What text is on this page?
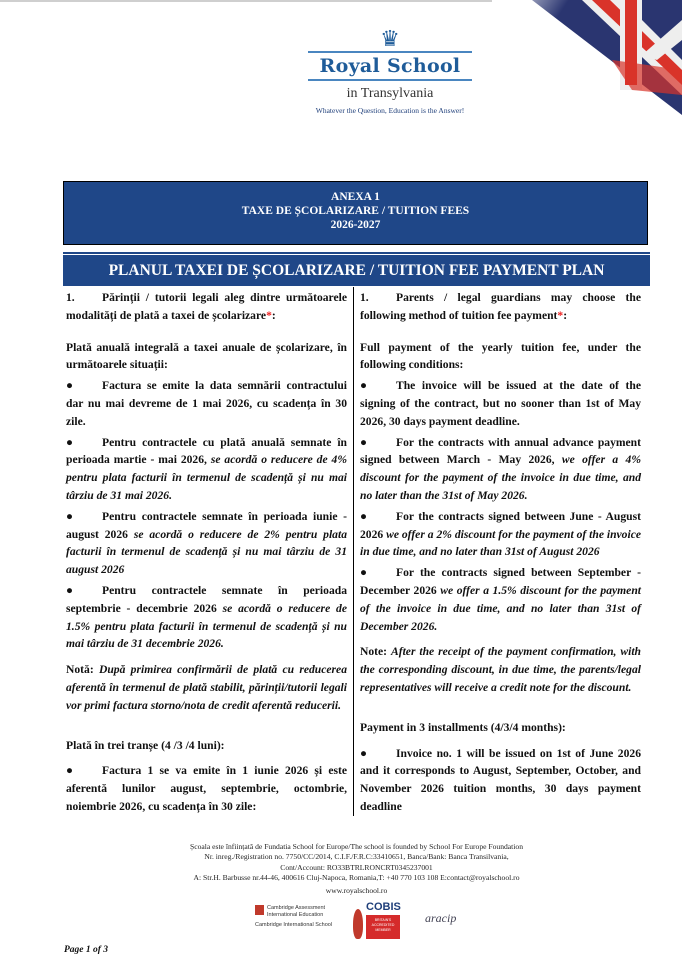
♛
Royal School
in Transylvania
Whatever the Question, Education is the Answer!
ANEXA 1
TAXE DE ȘCOLARIZARE / TUITION FEES
2026-2027
PLANUL TAXEI DE ȘCOLARIZARE / TUITION FEE PAYMENT PLAN

1. Părinții / tutorii legali aleg dintre următoarele modalități de plată a taxei de școlarizare*:

Plată anuală integrală a taxei anuale de școlarizare, în următoarele situații:

● Factura se emite la data semnării contractului dar nu mai devreme de 1 mai 2026, cu scadența în 30 zile.

● Pentru contractele cu plată anuală semnate în perioada martie - mai 2026, se acordă o reducere de 4% pentru plata facturii în termenul de scadență și nu mai târziu de 31 mai 2026.

● Pentru contractele semnate în perioada iunie - august 2026 se acordă o reducere de 2% pentru plata facturii în termenul de scadență și nu mai târziu de 31 august 2026

● Pentru contractele semnate în perioada septembrie - decembrie 2026 se acordă o reducere de 1.5% pentru plata facturii în termenul de scadență și nu mai târziu de 31 decembrie 2026.

Notă: După primirea confirmării de plată cu reducerea aferentă în termenul de plată stabilit, părinții/tutorii legali vor primi factura storno/nota de credit aferentă reducerii.

Plată în trei tranșe (4 /3 /4 luni):

● Factura 1 se va emite în 1 iunie 2026 și este aferentă lunilor august, septembrie, octombrie, noiembrie 2026, cu scadența în 30 zile:

1. Parents / legal guardians may choose the following method of tuition fee payment*:

Full payment of the yearly tuition fee, under the following conditions:

● The invoice will be issued at the date of the signing of the contract, but no sooner than 1st of May 2026, 30 days payment deadline.

● For the contracts with annual advance payment signed between March - May 2026, we offer a 4% discount for the payment of the invoice in due time, and no later than the 31st of May 2026.

● For the contracts signed between June - August 2026 we offer a 2% discount for the payment of the invoice in due time, and no later than 31st of August 2026

● For the contracts signed between September - December 2026 we offer a 1.5% discount for the payment of the invoice in due time, and no later than 31st of December 2026.

Note: After the receipt of the payment confirmation, with the corresponding discount, in due time, the parents/legal representatives will receive a credit note for the discount.

Payment in 3 installments (4/3/4 months):

● Invoice no. 1 will be issued on 1st of June 2026 and it corresponds to August, September, October, and November 2026 tuition months, 30 days payment deadline

Școala este înființată de Fundatia School for Europe/The school is founded by School For Europe Foundation
Nr. inreg./Registration no. 7750/CC/2014, C.I.F./F.R.C:33410651, Banca/Bank: Banca Transilvania,
Cont/Account: RO33BTRLRONCRT0345237001
A: Str.H. Barbusse nr.44-46, 400616 Cluj-Napoca, Romania,T: +40 770 103 108 E:contact@royalschool.ro
www.royalschool.ro
Cambridge Assessment
International Education
Cambridge International School
COBIS
BRITAIN'S ACCREDITED MEMBER
aracip
Page 1 of 3
